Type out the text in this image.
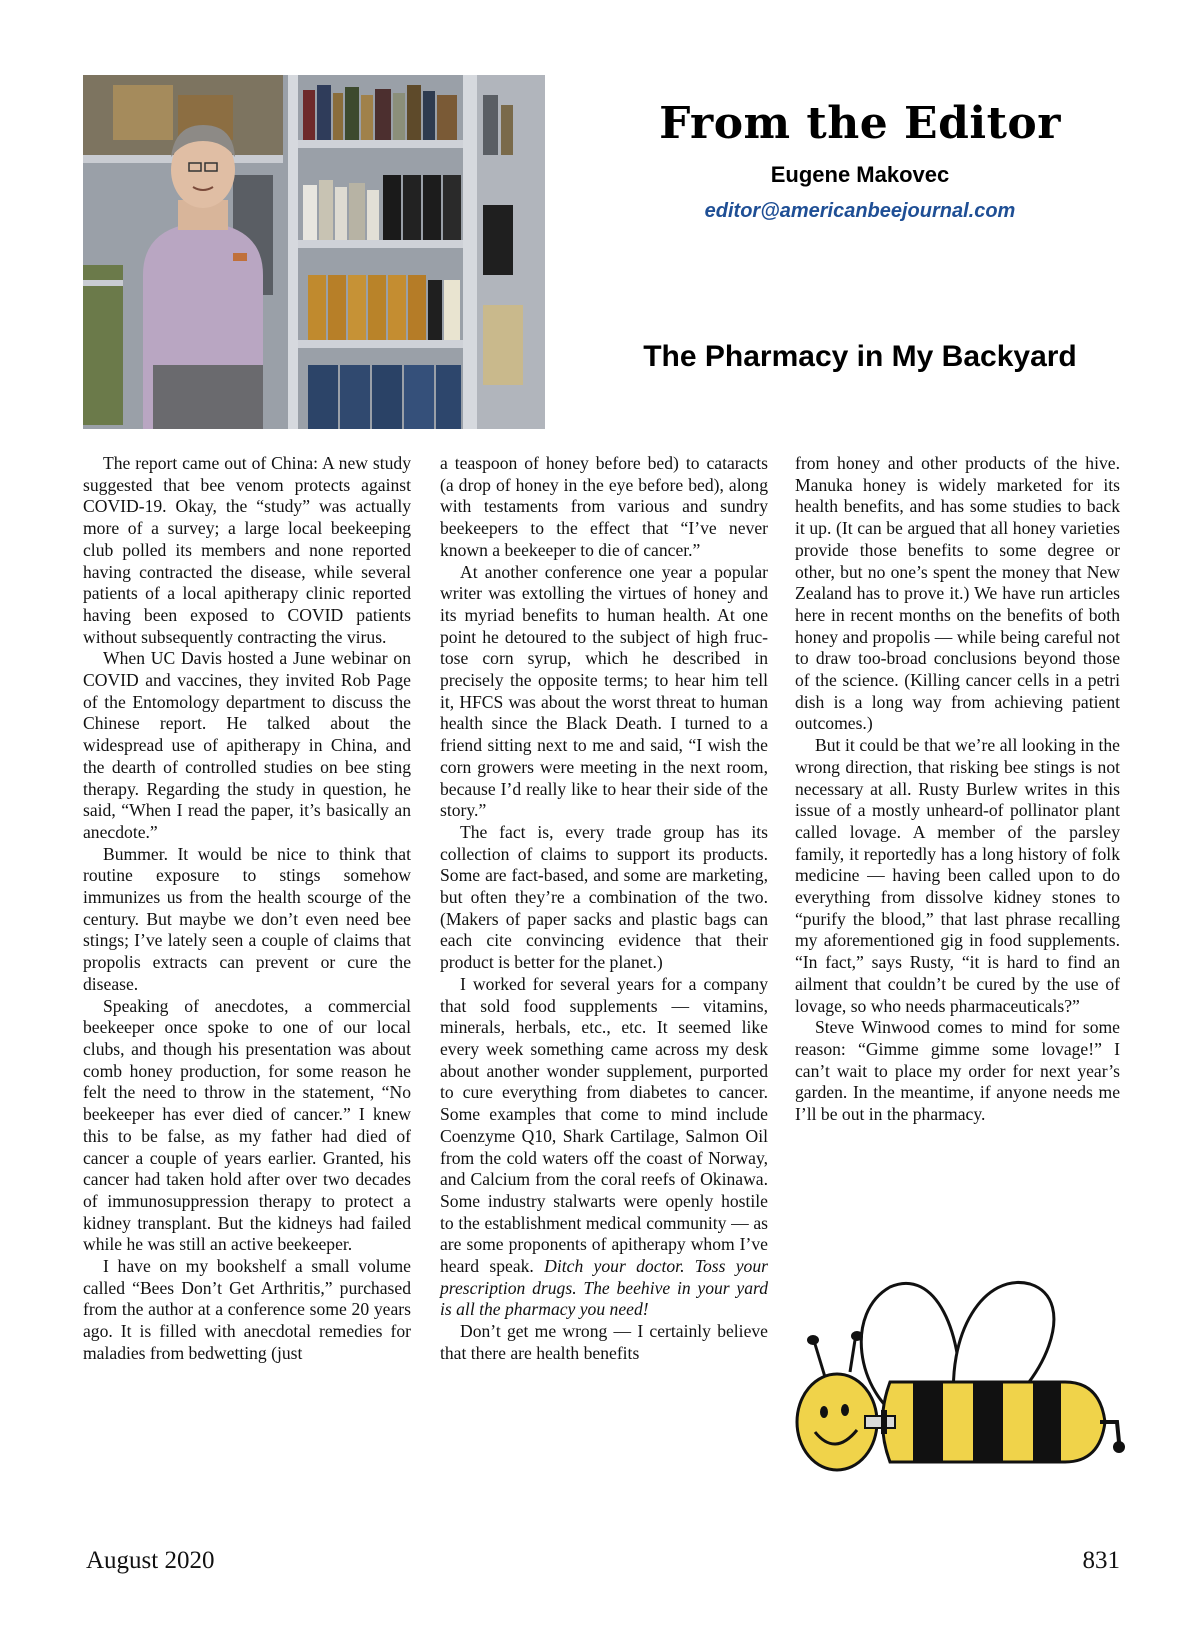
From the Editor
Eugene Makovec
editor@americanbeejournal.com
The Pharmacy in My Backyard

The report came out of China: A new study suggested that bee venom protects against COVID-19. Okay, the “study” was actually more of a survey; a large local beekeeping club polled its members and none reported having contracted the disease, while several patients of a local apitherapy clinic reported having been exposed to COVID patients without subsequently contracting the virus.

When UC Davis hosted a June webinar on COVID and vaccines, they invited Rob Page of the Entomology department to discuss the Chinese report. He talked about the widespread use of apitherapy in China, and the dearth of controlled studies on bee sting therapy. Regarding the study in question, he said, “When I read the paper, it’s basically an anecdote.”

Bummer. It would be nice to think that routine exposure to stings somehow immunizes us from the health scourge of the century. But maybe we don’t even need bee stings; I’ve lately seen a couple of claims that propolis extracts can prevent or cure the disease.

Speaking of anecdotes, a commercial beekeeper once spoke to one of our local clubs, and though his presentation was about comb honey production, for some reason he felt the need to throw in the statement, “No beekeeper has ever died of cancer.” I knew this to be false, as my father had died of cancer a couple of years earlier. Granted, his cancer had taken hold after over two decades of immunosuppression therapy to protect a kidney transplant. But the kidneys had failed while he was still an active beekeeper.

I have on my bookshelf a small volume called “Bees Don’t Get Arthritis,” purchased from the author at a conference some 20 years ago. It is filled with anecdotal remedies for maladies from bedwetting (just

a teaspoon of honey before bed) to cataracts (a drop of honey in the eye before bed), along with testaments from various and sundry beekeepers to the effect that “I’ve never known a beekeeper to die of cancer.”

At another conference one year a popular writer was extolling the virtues of honey and its myriad benefits to human health. At one point he detoured to the subject of high fructose corn syrup, which he described in precisely the opposite terms; to hear him tell it, HFCS was about the worst threat to human health since the Black Death. I turned to a friend sitting next to me and said, “I wish the corn growers were meeting in the next room, because I’d really like to hear their side of the story.”

The fact is, every trade group has its collection of claims to support its products. Some are fact-based, and some are marketing, but often they’re a combination of the two. (Makers of paper sacks and plastic bags can each cite convincing evidence that their product is better for the planet.)

I worked for several years for a company that sold food supplements — vitamins, minerals, herbals, etc., etc. It seemed like every week something came across my desk about another wonder supplement, purported to cure everything from diabetes to cancer. Some examples that come to mind include Coenzyme Q10, Shark Cartilage, Salmon Oil from the cold waters off the coast of Norway, and Calcium from the coral reefs of Okinawa. Some industry stalwarts were openly hostile to the establishment medical community — as are some proponents of apitherapy whom I’ve heard speak. Ditch your doctor. Toss your prescription drugs. The beehive in your yard is all the pharmacy you need!

Don’t get me wrong — I certainly believe that there are health benefits

from honey and other products of the hive. Manuka honey is widely marketed for its health benefits, and has some studies to back it up. (It can be argued that all honey varieties provide those benefits to some degree or other, but no one’s spent the money that New Zealand has to prove it.) We have run articles here in recent months on the benefits of both honey and propolis — while being careful not to draw too-broad conclusions beyond those of the science. (Killing cancer cells in a petri dish is a long way from achieving patient outcomes.)

But it could be that we’re all looking in the wrong direction, that risking bee stings is not necessary at all. Rusty Burlew writes in this issue of a mostly unheard-of pollinator plant called lovage. A member of the parsley family, it reportedly has a long history of folk medicine — having been called upon to do everything from dissolve kidney stones to “purify the blood,” that last phrase recalling my aforementioned gig in food supplements. “In fact,” says Rusty, “it is hard to find an ailment that couldn’t be cured by the use of lovage, so who needs pharmaceuticals?”

Steve Winwood comes to mind for some reason: “Gimme gimme some lovage!” I can’t wait to place my order for next year’s garden. In the meantime, if anyone needs me I’ll be out in the pharmacy.

August 2020	831
